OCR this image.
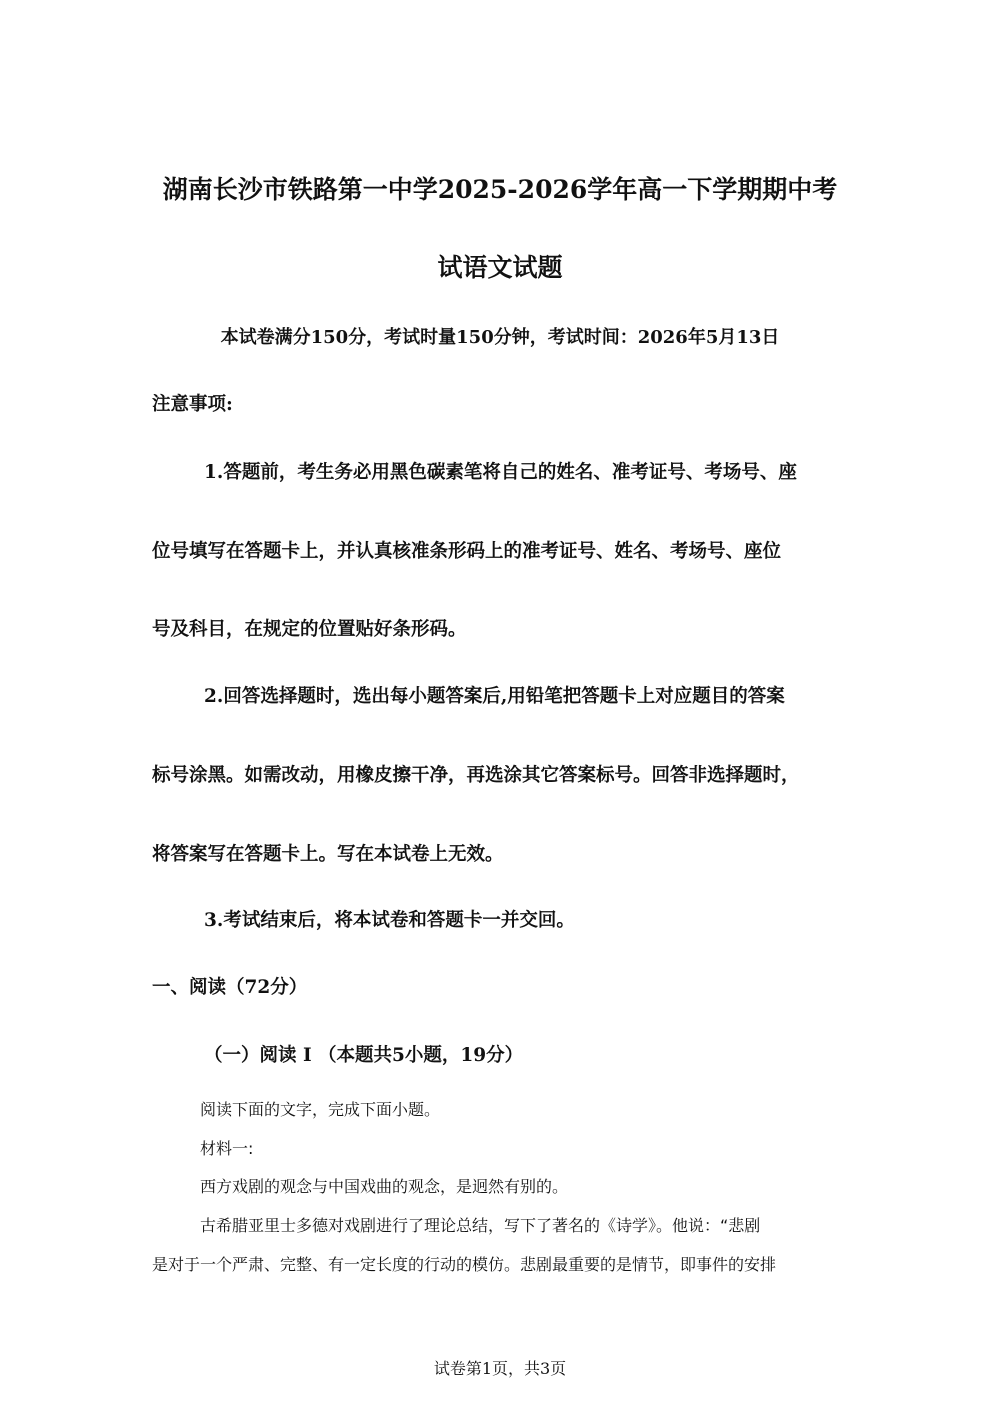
湖南长沙市铁路第一中学2025-2026学年高一下学期期中考
试语文试题
本试卷满分150分，考试时量150分钟，考试时间：2026年5月13日
注意事项:
1.答题前，考生务必用黑色碳素笔将自己的姓名、准考证号、考场号、座
位号填写在答题卡上，并认真核准条形码上的准考证号、姓名、考场号、座位
号及科目，在规定的位置贴好条形码。
2.回答选择题时，选出每小题答案后,用铅笔把答题卡上对应题目的答案
标号涂黑。如需改动，用橡皮擦干净，再选涂其它答案标号。回答非选择题时，
将答案写在答题卡上。写在本试卷上无效。
3.考试结束后，将本试卷和答题卡一并交回。
一、阅读（72分）
（一）阅读 I （本题共5小题，19分）
阅读下面的文字，完成下面小题。
材料一:
西方戏剧的观念与中国戏曲的观念，是迥然有别的。
古希腊亚里士多德对戏剧进行了理论总结，写下了著名的《诗学》。他说：“悲剧
是对于一个严肃、完整、有一定长度的行动的模仿。悲剧最重要的是情节，即事件的安排
试卷第1页，共3页
